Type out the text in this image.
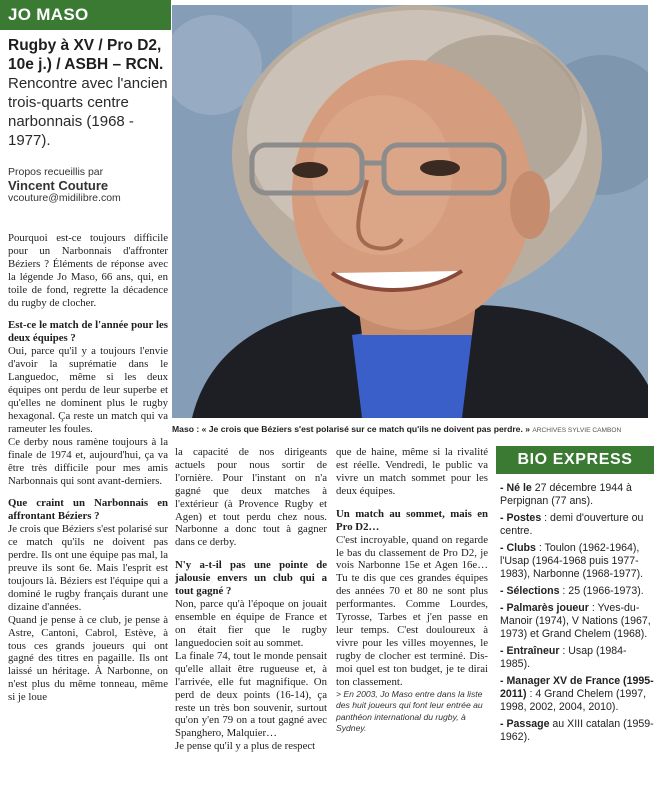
JO MASO
Rugby à XV / Pro D2, 10e j.) / ASBH – RCN.
Rencontre avec l'ancien trois-quarts centre narbonnais (1968 - 1977).
Propos recueillis par
Vincent Couture
vcouture@midilibre.com
Maso : « Je crois que Béziers s'est polarisé sur ce match qu'ils ne doivent pas perdre. » ARCHIVES SYLVIE CAMBON

Pourquoi est-ce toujours difficile pour un Narbonnais d'affronter Béziers ? Éléments de réponse avec la légende Jo Maso, 66 ans, qui, en toile de fond, regrette la décadence du rugby de clocher.

Est-ce le match de l'année pour les deux équipes ?

Oui, parce qu'il y a toujours l'envie d'avoir la suprématie dans le Languedoc, même si les deux équipes ont perdu de leur superbe et qu'elles ne dominent plus le rugby hexagonal. Ça reste un match qui va rameuter les foules.

Ce derby nous ramène toujours à la finale de 1974 et, aujourd'hui, ça va être très difficile pour mes amis Narbonnais qui sont avant-derniers.

Que craint un Narbonnais en affrontant Béziers ?

Je crois que Béziers s'est polarisé sur ce match qu'ils ne doivent pas perdre. Ils ont une équipe pas mal, la preuve ils sont 6e. Mais l'esprit est toujours là. Béziers est l'équipe qui a dominé le rugby français durant une dizaine d'années.

Quand je pense à ce club, je pense à Astre, Cantoni, Cabrol, Estève, à tous ces grands joueurs qui ont gagné des titres en pagaille. Ils ont laissé un héritage. À Narbonne, on n'est plus du même tonneau, même si je loue

la capacité de nos dirigeants actuels pour nous sortir de l'ornière. Pour l'instant on n'a gagné que deux matches à l'extérieur (à Provence Rugby et Agen) et tout perdu chez nous. Narbonne a donc tout à gagner dans ce derby.

N'y a-t-il pas une pointe de jalousie envers un club qui a tout gagné ?

Non, parce qu'à l'époque on jouait ensemble en équipe de France et on était fier que le rugby languedocien soit au sommet.

La finale 74, tout le monde pensait qu'elle allait être rugueuse et, à l'arrivée, elle fut magnifique. On perd de deux points (16-14), ça reste un très bon souvenir, surtout qu'on y'en 79 on a tout gagné avec Spanghero, Malquier…

Je pense qu'il y a plus de respect

que de haine, même si la rivalité est réelle. Vendredi, le public va vivre un match sommet pour les deux équipes.

Un match au sommet, mais en Pro D2…

C'est incroyable, quand on regarde le bas du classement de Pro D2, je vois Narbonne 15e et Agen 16e… Tu te dis que ces grandes équipes des années 70 et 80 ne sont plus performantes. Comme Lourdes, Tyrosse, Tarbes et j'en passe en leur temps. C'est douloureux à vivre pour les villes moyennes, le rugby de clocher est terminé. Dis-moi quel est ton budget, je te dirai ton classement.

> En 2003, Jo Maso entre dans la liste des huit joueurs qui font leur entrée au panthéon international du rugby, à Sydney.

BIO EXPRESS
- Né le 27 décembre 1944 à Perpignan (77 ans).
- Postes : demi d'ouverture ou centre.
- Clubs : Toulon (1962-1964), l'Usap (1964-1968 puis 1977-1983), Narbonne (1968-1977).
- Sélections : 25 (1966-1973).
- Palmarès joueur : Yves-du-Manoir (1974), V Nations (1967, 1973) et Grand Chelem (1968).
- Entraîneur : Usap (1984-1985).
- Manager XV de France (1995-2011) : 4 Grand Chelem (1997, 1998, 2002, 2004, 2010).
- Passage au XIII catalan (1959-1962).
